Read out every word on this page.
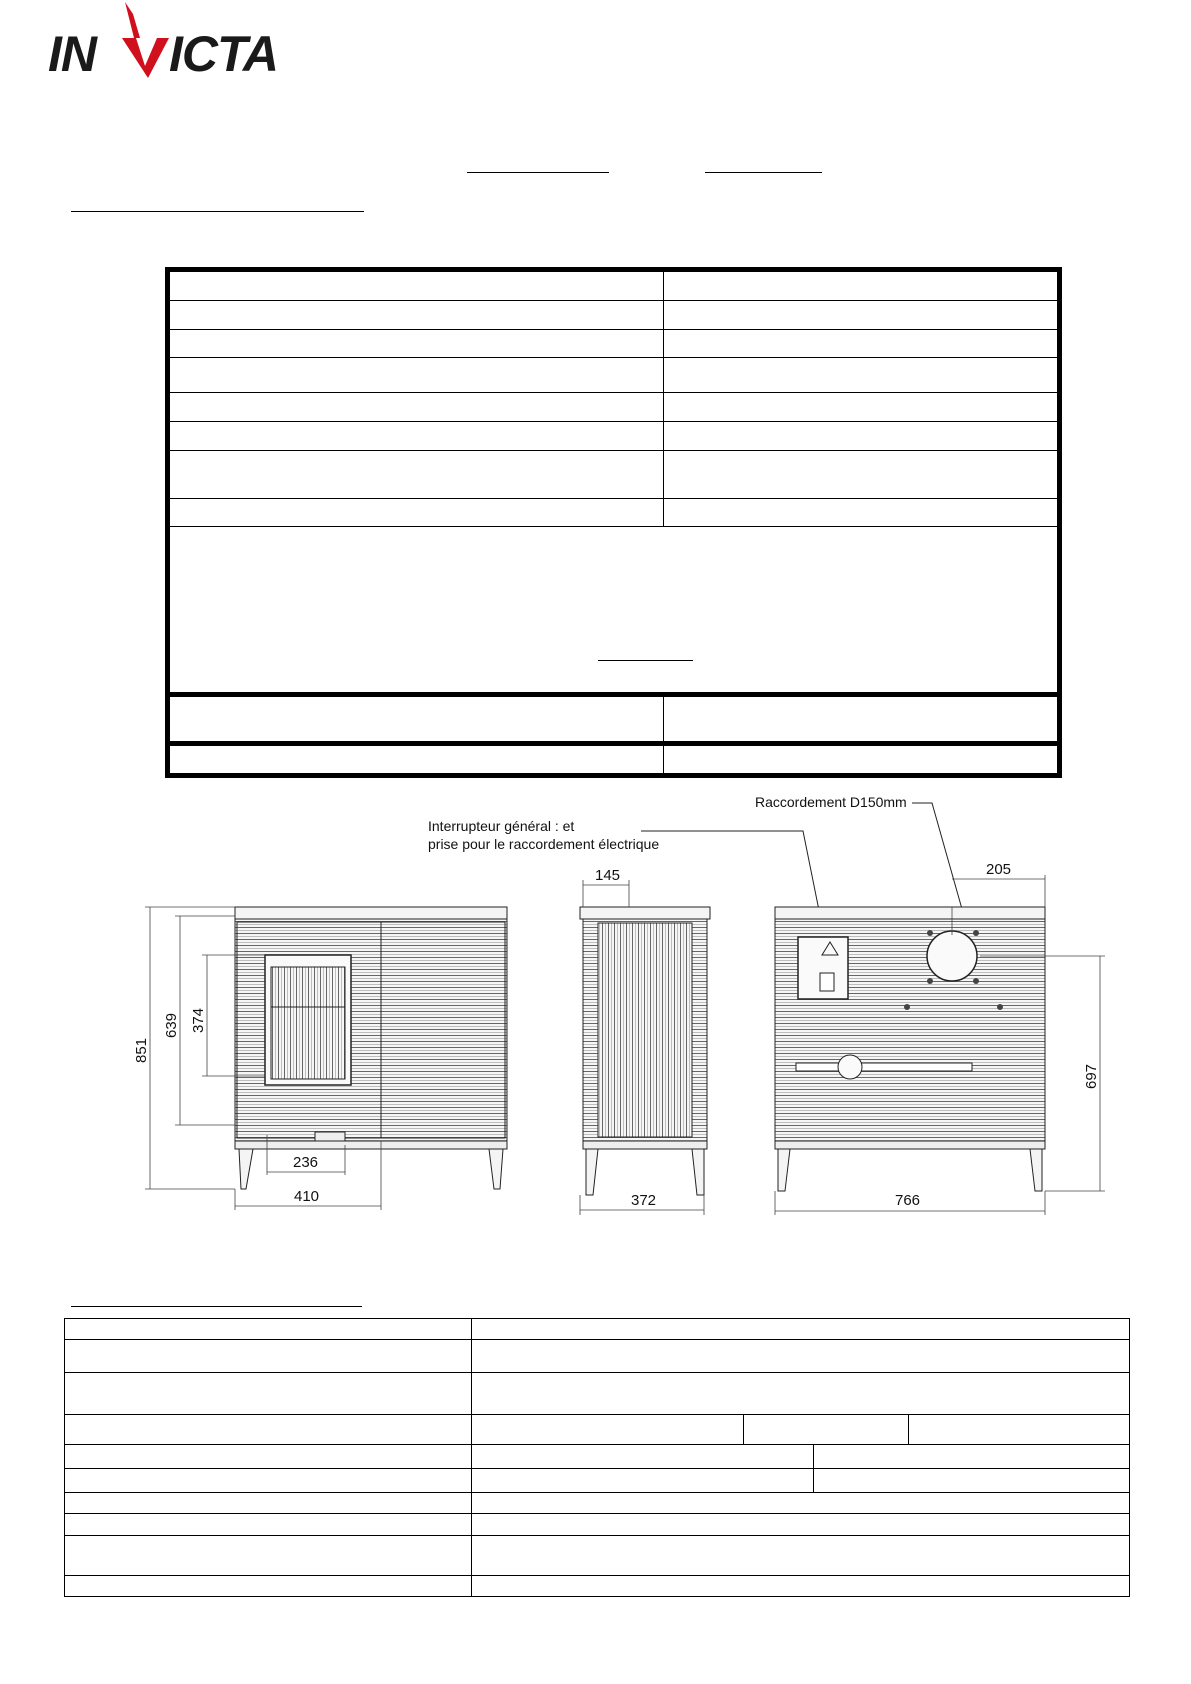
IN ICTA

Interrupteur général : et
prise pour le raccordement électrique
Raccordement D150mm
851
639 374
236
410
145
372
205
697
766
